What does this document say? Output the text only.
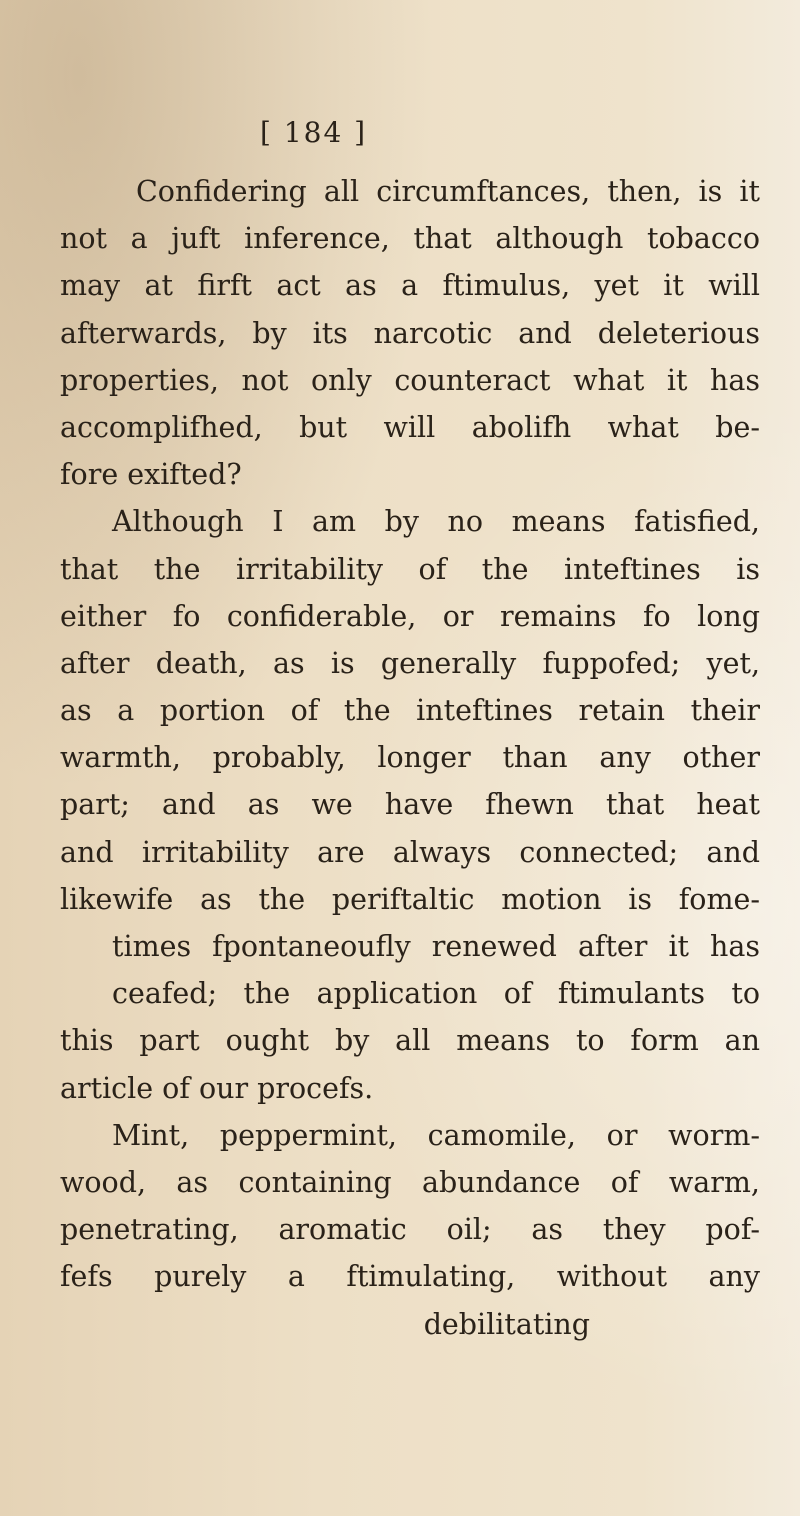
[ 184 ]
Confidering all circumftances, then, is it
not a juft inference, that although tobacco
may at firft act as a ftimulus, yet it will
afterwards, by its narcotic and deleterious
properties, not only counteract what it has
accomplifhed, but will abolifh what be-
fore exifted?
Although I am by no means fatisfied,
that the irritability of the inteftines is
either fo confiderable, or remains fo long
after death, as is generally fuppofed; yet,
as a portion of the inteftines retain their
warmth, probably, longer than any other
part; and as we have fhewn that heat
and irritability are always connected; and
likewife as the periftaltic motion is fome-
times fpontaneoufly renewed after it has
ceafed; the application of ftimulants to
this part ought by all means to form an
article of our procefs.
Mint, peppermint, camomile, or worm-
wood, as containing abundance of warm,
penetrating, aromatic oil; as they pof-
fefs purely a ftimulating, without any
debilitating
